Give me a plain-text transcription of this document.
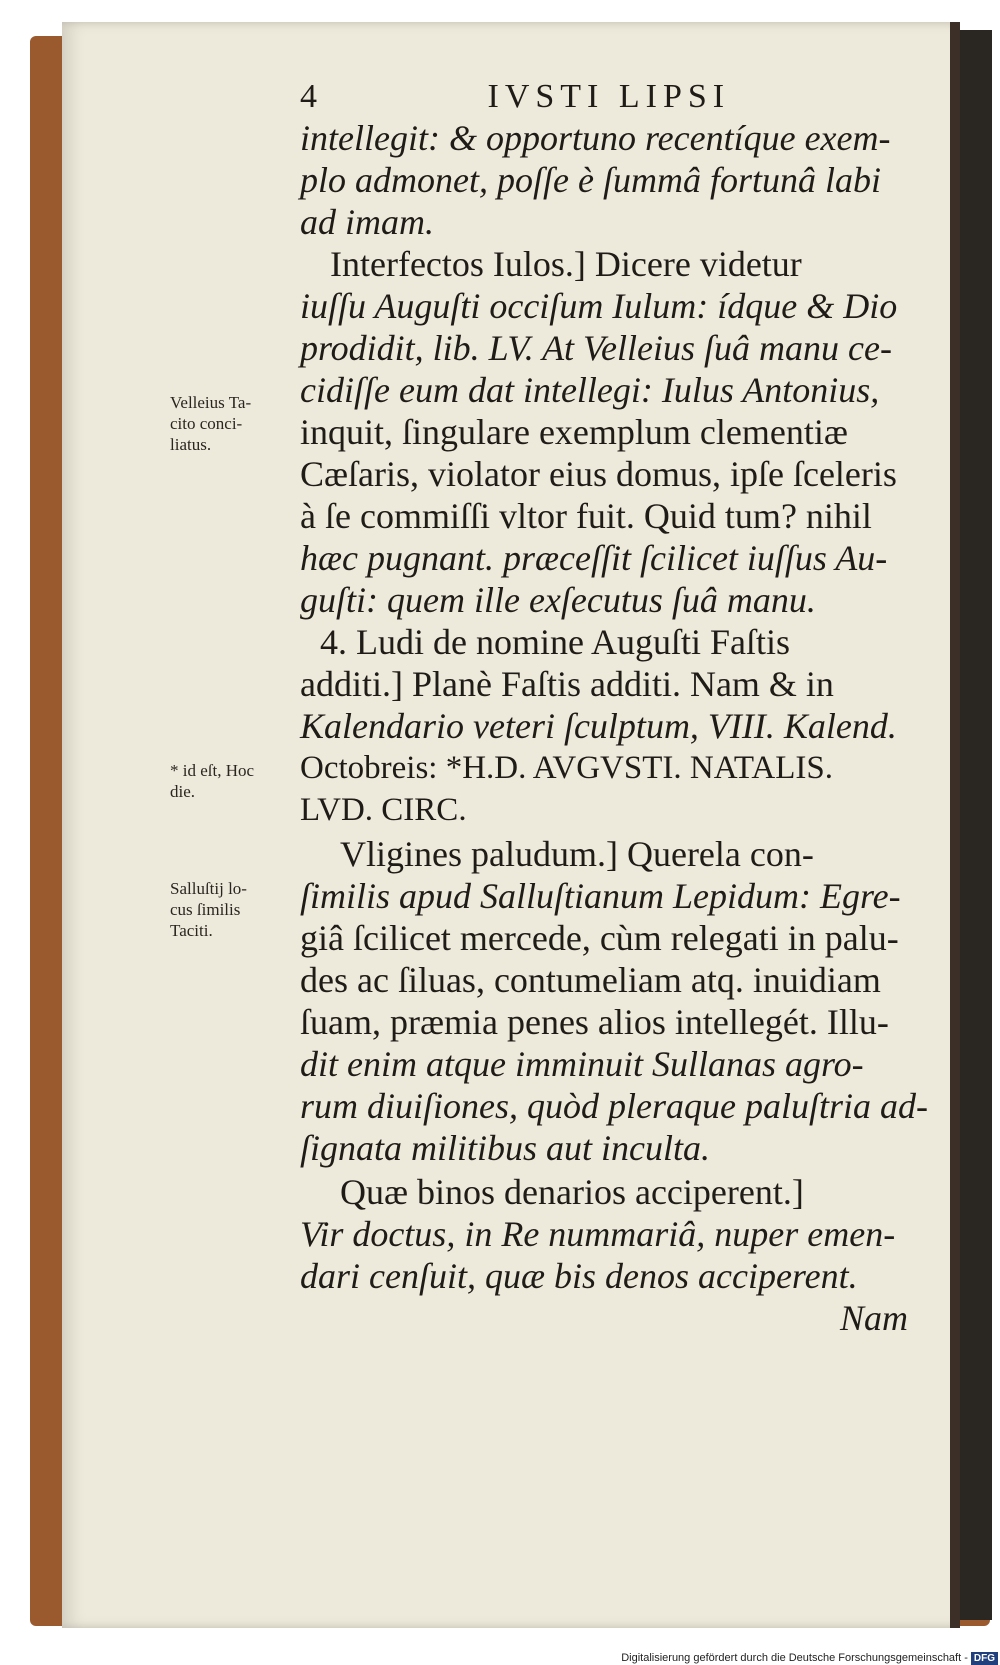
4	IVSTI LIPSI
intellegit: & opportuno recentíque exem-
plo admonet, poſſe è ſummâ fortunâ labi
ad imam.
Interfectos Iulos.] Dicere videtur
iuſſu Auguſti occiſum Iulum: ídque & Dio
prodidit, lib. LV. At Velleius ſuâ manu ce-
cidiſſe eum dat intellegi: Iulus Antonius,
inquit, ſingulare exemplum clementiæ
Cæſaris, violator eius domus, ipſe ſceleris
à ſe commiſſi vltor fuit. Quid tum? nihil
hæc pugnant. præceſſit ſcilicet iuſſus Au-
guſti: quem ille exſecutus ſuâ manu.
4. Ludi de nomine Auguſti Faſtis
additi.] Planè Faſtis additi. Nam & in
Kalendario veteri ſculptum, VIII. Kalend.
Octobreis: *H.D. AVGVSTI. NATALIS.
LVD. CIRC.
Vligines paludum.] Querela con-
ſimilis apud Salluſtianum Lepidum: Egre-
giâ ſcilicet mercede, cùm relegati in palu-
des ac ſiluas, contumeliam atq. inuidiam
ſuam, præmia penes alios intellegét. Illu-
dit enim atque imminuit Sullanas agro-
rum diuiſiones, quòd pleraque paluſtria ad-
ſignata militibus aut inculta.
Quæ binos denarios acciperent.]
Vir doctus, in Re nummariâ, nuper emen-
dari cenſuit, quæ bis denos acciperent.
Nam
Velleius Ta-
cito conci-
liatus.
* id eſt, Hoc
die.
Salluſtij lo-
cus ſimilis
Taciti.
Digitalisierung gefördert durch die Deutsche Forschungsgemeinschaft - DFG
